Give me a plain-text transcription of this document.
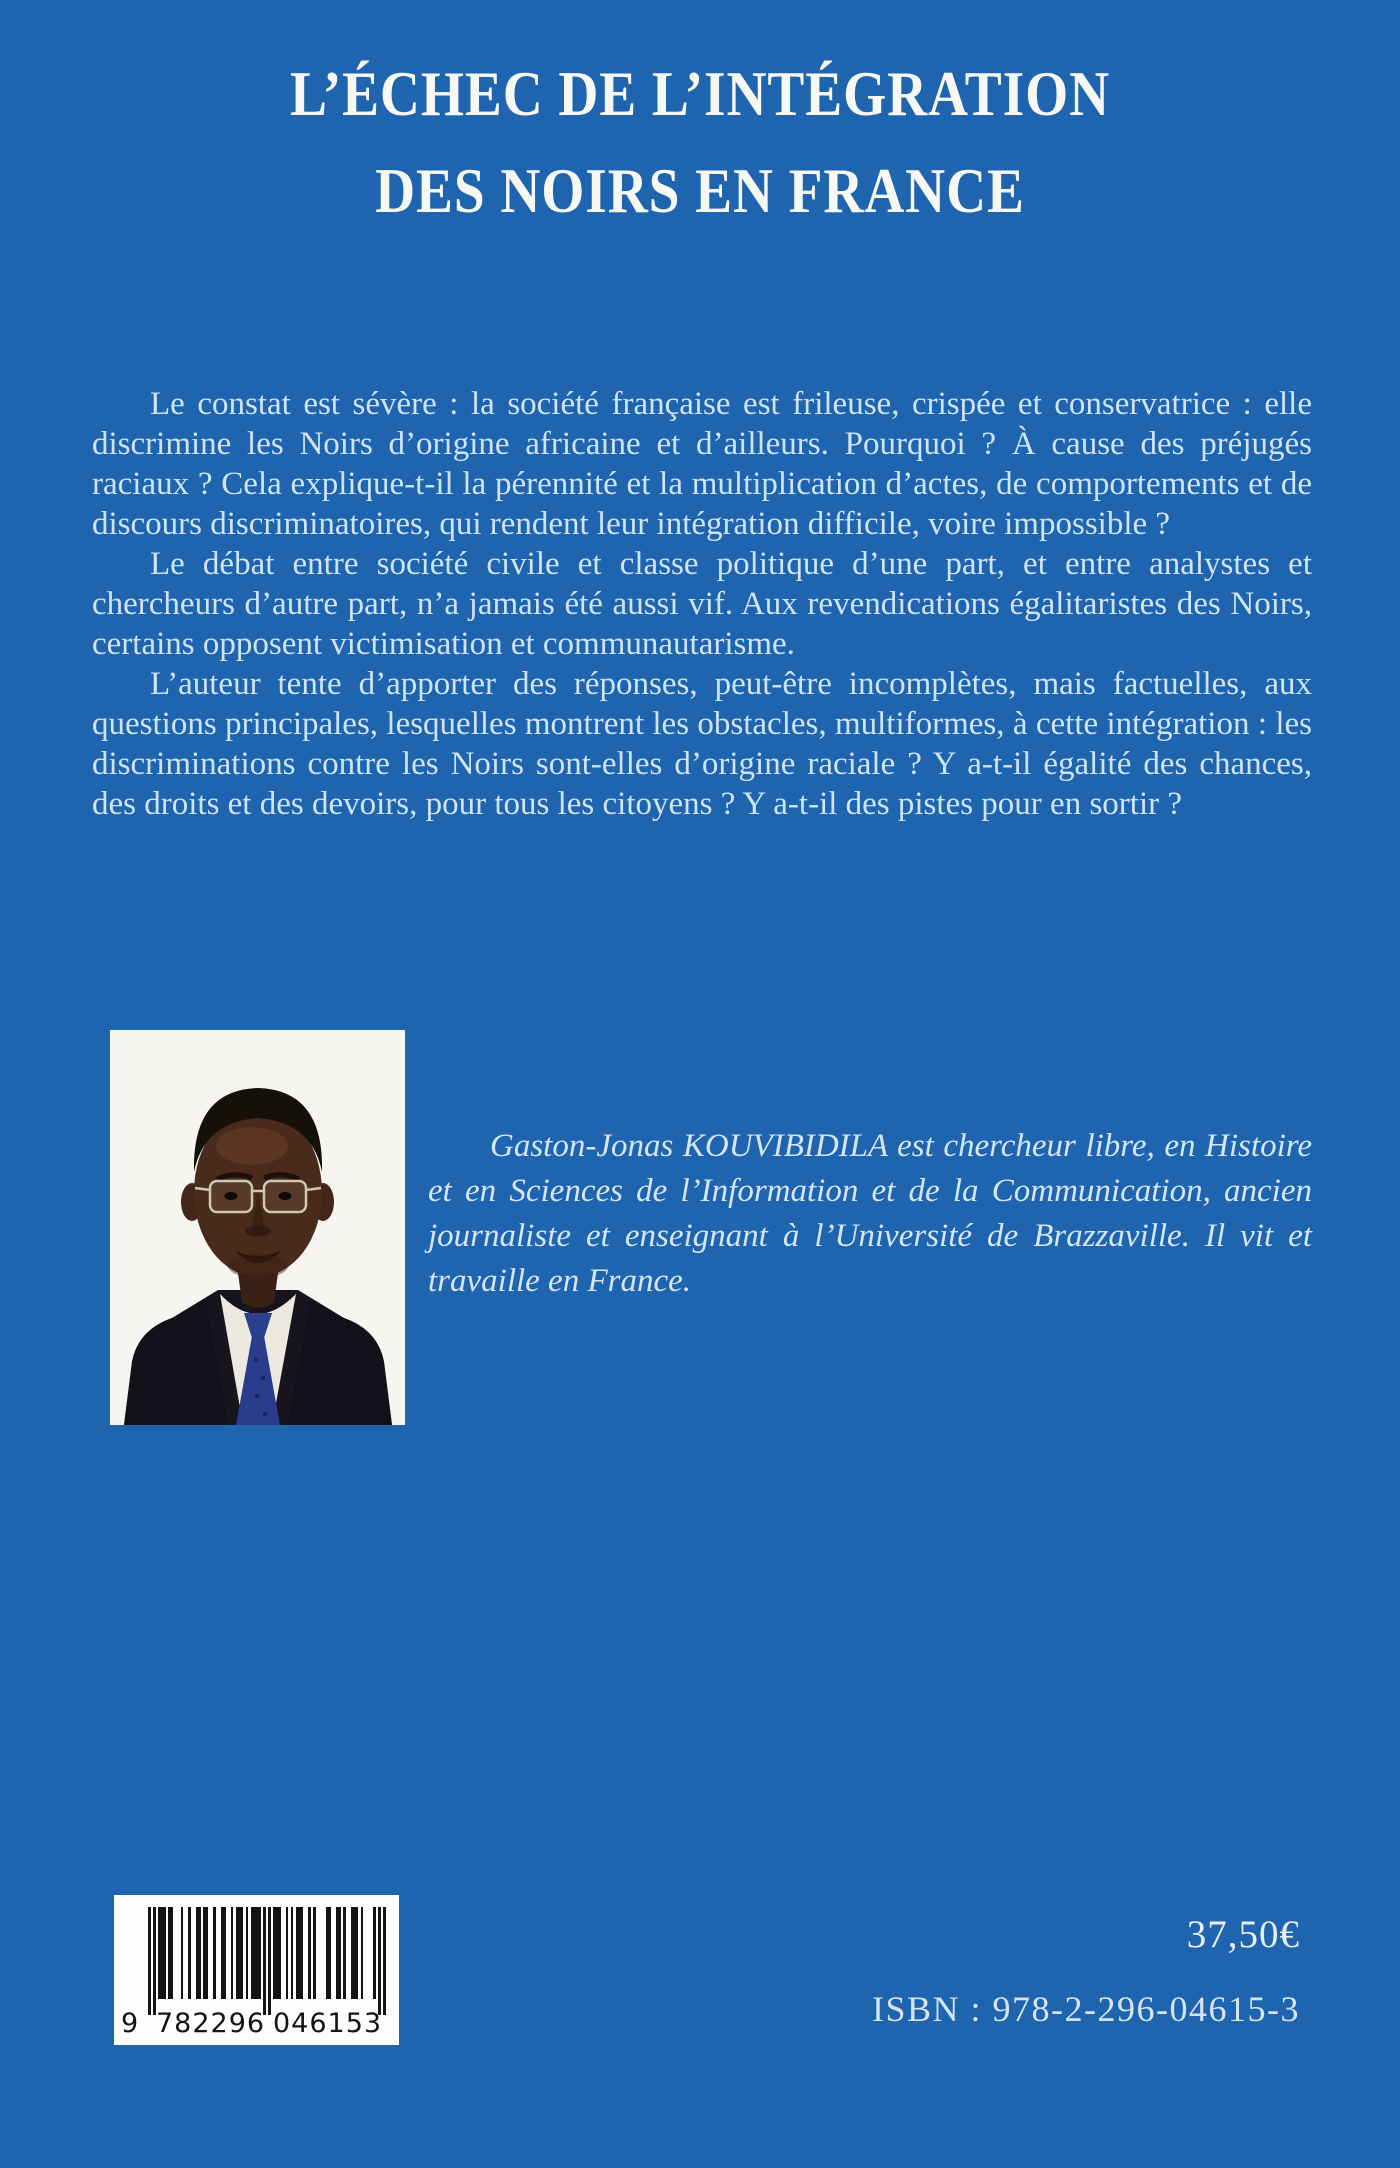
L’ÉCHEC DE L’INTÉGRATION
DES NOIRS EN FRANCE

Le constat est sévère : la société française est frileuse, crispée et conservatrice : elle discrimine les Noirs d’origine africaine et d’ailleurs. Pourquoi ? À cause des préjugés raciaux ? Cela explique-t-il la pérennité et la multiplication d’actes, de comportements et de discours discriminatoires, qui rendent leur intégration difficile, voire impossible ?

Le débat entre société civile et classe politique d’une part, et entre analystes et chercheurs d’autre part, n’a jamais été aussi vif. Aux revendications égalitaristes des Noirs, certains opposent victimisation et communautarisme.

L’auteur tente d’apporter des réponses, peut-être incomplètes, mais factuelles, aux questions principales, lesquelles montrent les obstacles, multiformes, à cette intégration : les discriminations contre les Noirs sont-elles d’origine raciale ? Y a-t-il égalité des chances, des droits et des devoirs, pour tous les citoyens ? Y a-t-il des pistes pour en sortir ?

Gaston-Jonas KOUVIBIDILA est chercheur libre, en Histoire et en Sciences de l’Information et de la Communication, ancien journaliste et enseignant à l’Université de Brazzaville. Il vit et travaille en France.
9 782296 046153
37,50€
ISBN : 978-2-296-04615-3
